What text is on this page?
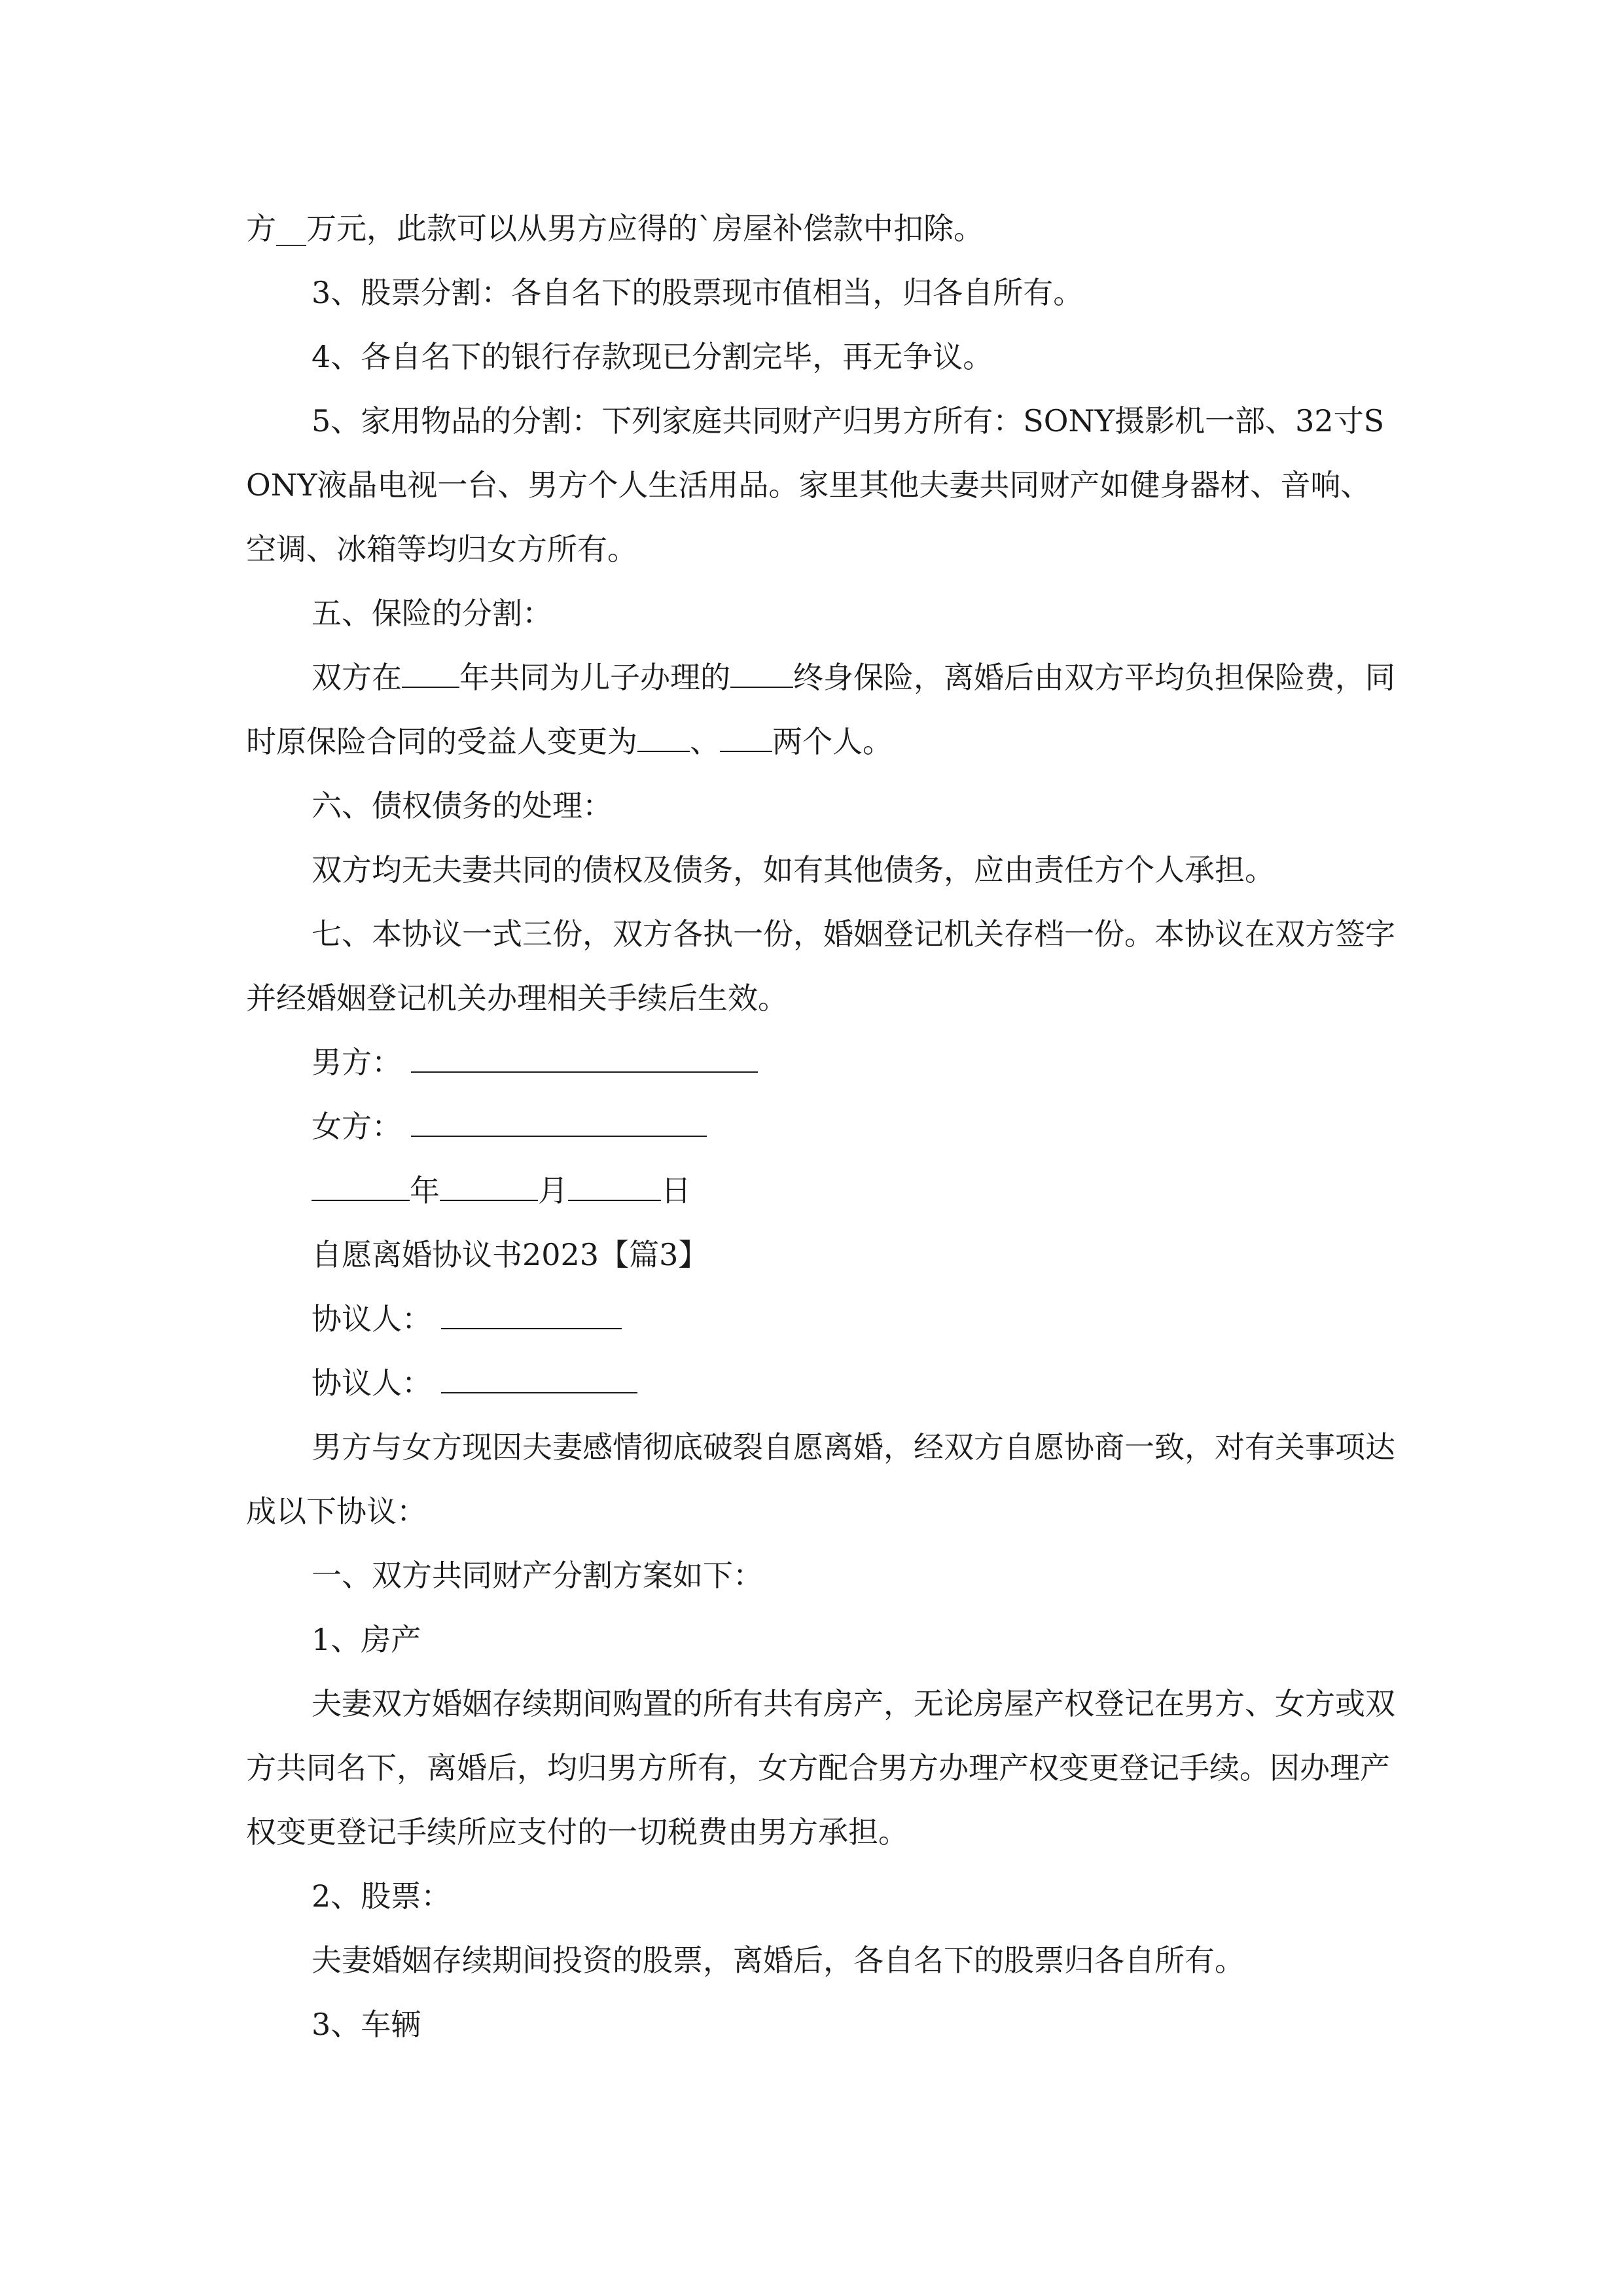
方__万元，此款可以从男方应得的`房屋补偿款中扣除。

3、股票分割：各自名下的股票现市值相当，归各自所有。

4、各自名下的银行存款现已分割完毕，再无争议。

5、家用物品的分割：下列家庭共同财产归男方所有：SONY摄影机一部、32寸SONY液晶电视一台、男方个人生活用品。家里其他夫妻共同财产如健身器材、音响、空调、冰箱等均归女方所有。

五、保险的分割：

双方在 年共同为儿子办理的 终身保险，离婚后由双方平均负担保险费，同时原保险合同的受益人变更为 、 两个人。

六、债权债务的处理：

双方均无夫妻共同的债权及债务，如有其他债务，应由责任方个人承担。

七、本协议一式三份，双方各执一份，婚姻登记机关存档一份。本协议在双方签字并经婚姻登记机关办理相关手续后生效。

男方：

女方：

年	月	日

自愿离婚协议书2023【篇3】

协议人：

协议人：

男方与女方现因夫妻感情彻底破裂自愿离婚，经双方自愿协商一致，对有关事项达成以下协议：

一、双方共同财产分割方案如下：

1、房产

夫妻双方婚姻存续期间购置的所有共有房产，无论房屋产权登记在男方、女方或双方共同名下，离婚后，均归男方所有，女方配合男方办理产权变更登记手续。因办理产权变更登记手续所应支付的一切税费由男方承担。

2、股票：

夫妻婚姻存续期间投资的股票，离婚后，各自名下的股票归各自所有。

3、车辆
